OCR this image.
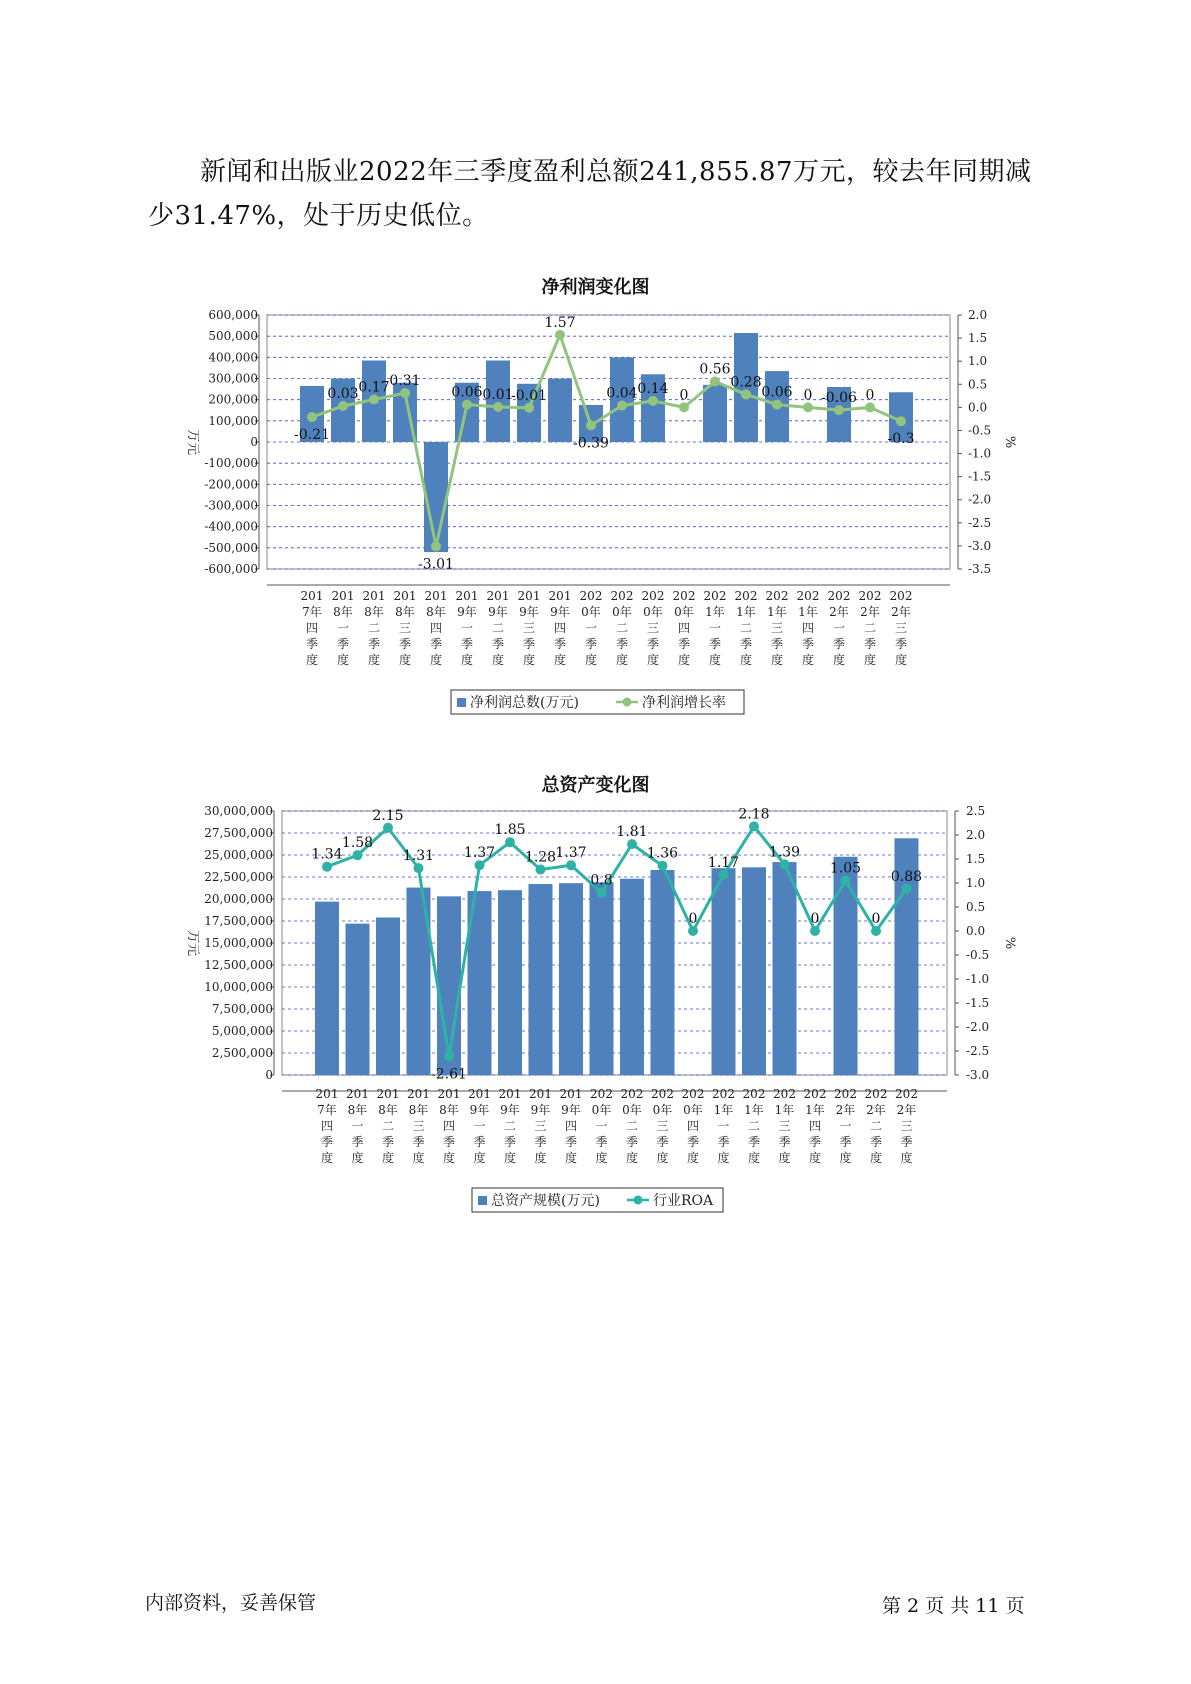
新闻和出版业2022年三季度盈利总额241,855.87万元，较去年同期减少31.47%，处于历史低位。
净利润变化图
600,000
500,000
400,000
300,000
200,000
100,000
0
-100,000
-200,000
-300,000
-400,000
-500,000
-600,000
2.0
1.5
1.0
0.5
0.0
-0.5
-1.0
-1.5
-2.0
-2.5
-3.0
-3.5
万元	%
-0.21
0.03 0.17 0.31
-3.01
0.06 0.01
-0.01
1.57
-0.39
0.04 0.14 0
0.56
0.28
0.06 0 -0.06 0
-0.3
201
7年
四
季
度
201
8年
一
季
度
201
8年
二
季
度
201
8年
三
季
度
201
8年
四
季
度
201
9年
一
季
度
201
9年
二
季
度
201
9年
三
季
度
201
9年
四
季
度
202
0年
一
季
度
202
0年
二
季
度
202
0年
三
季
度
202
0年
四
季
度
202
1年
一
季
度
202
1年
二
季
度
202
1年
三
季
度
202
1年
四
季
度
202
2年
一
季
度
202
2年
二
季
度
202
2年
三
季
度
净利润总数(万元)	净利润增长率
总资产变化图
30,000,000
27,500,000
25,000,000
22,500,000
20,000,000
17,500,000
15,000,000
12,500,000
10,000,000
7,500,000
5,000,000
2,500,000
0
2.5
2.0
1.5
1.0
0.5
0.0
-0.5
-1.0
-1.5
-2.0
-2.5
-3.0
万元	%
1.34
1.58
2.15
1.31
-2.61
1.37
1.85
1.28 1.37
0.8
1.81
1.36
0
1.17
2.18
1.39
0
1.05
0
0.88
201
7年
四
季
度
201
8年
一
季
度
201
8年
二
季
度
201
8年
三
季
度
201
8年
四
季
度
201
9年
一
季
度
201
9年
二
季
度
201
9年
三
季
度
201
9年
四
季
度
202
0年
一
季
度
202
0年
二
季
度
202
0年
三
季
度
202
0年
四
季
度
202
1年
一
季
度
202
1年
二
季
度
202
1年
三
季
度
202
1年
四
季
度
202
2年
一
季
度
202
2年
二
季
度
202
2年
三
季
度
总资产规模(万元)	行业ROA
内部资料，妥善保管	第 2 页 共 11 页
